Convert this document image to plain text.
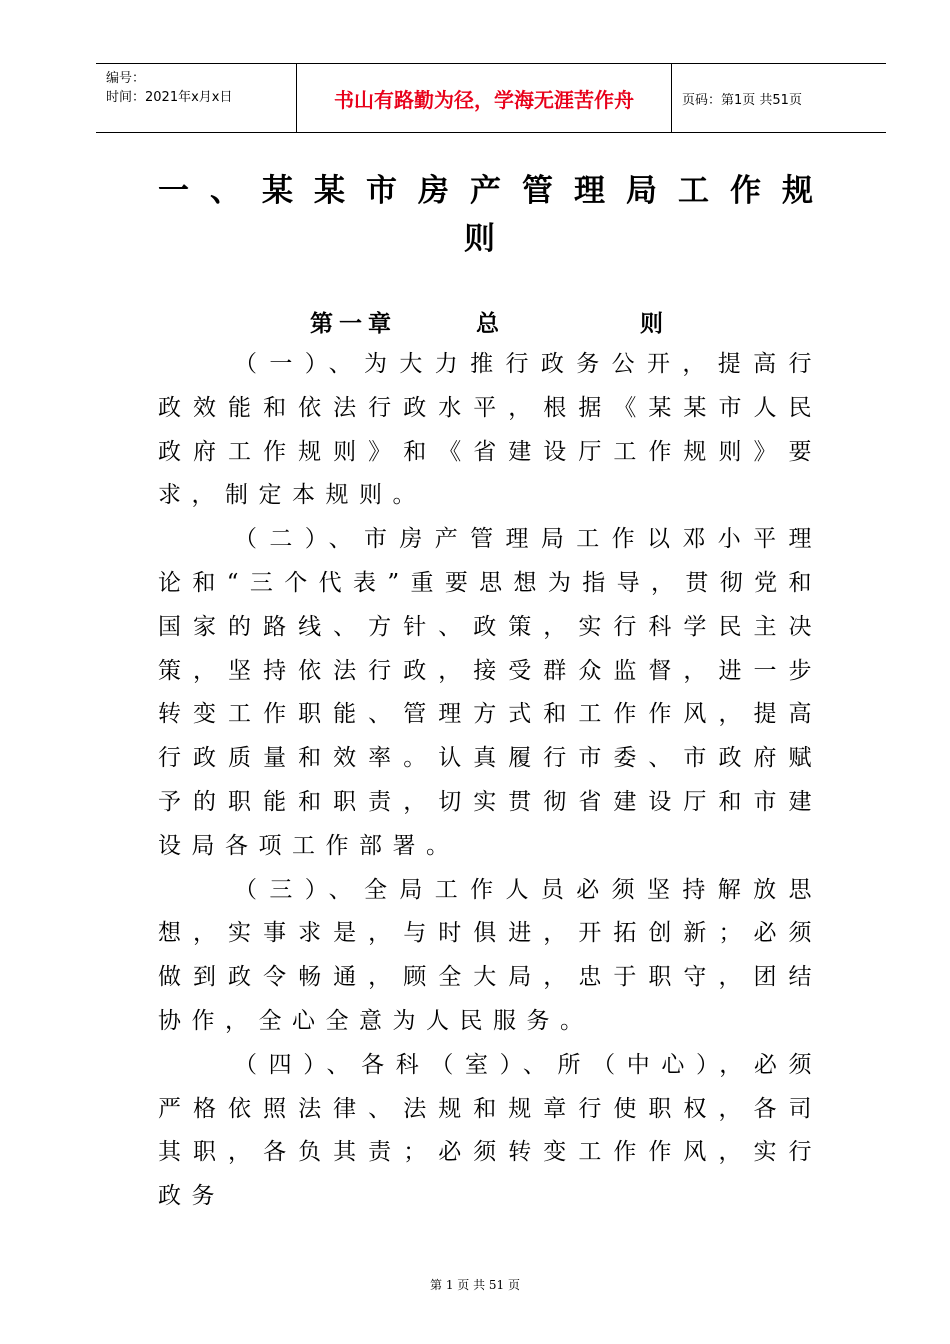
编号：
时间：2021年x月x日	书山有路勤为径，学海无涯苦作舟	页码：第1页 共51页
一、某某市房产管理局工作规
则
第一章	总	则

（一）、为大力推行政务公开，提高行政效能和依法行政水平，根据《某某市人民政府工作规则》和《省建设厅工作规则》要求，制定本规则。

（二）、市房产管理局工作以邓小平理论和“三个代表”重要思想为指导，贯彻党和国家的路线、方针、政策，实行科学民主决策，坚持依法行政，接受群众监督，进一步转变工作职能、管理方式和工作作风，提高行政质量和效率。认真履行市委、市政府赋予的职能和职责，切实贯彻省建设厅和市建设局各项工作部署。

（三）、全局工作人员必须坚持解放思想，实事求是，与时俱进，开拓创新；必须做到政令畅通，顾全大局，忠于职守，团结协作，全心全意为人民服务。

（四）、各科（室）、所（中心），必须严格依照法律、法规和规章行使职权，各司其职，各负其责；必须转变工作作风，实行政务

第 1 页 共 51 页
